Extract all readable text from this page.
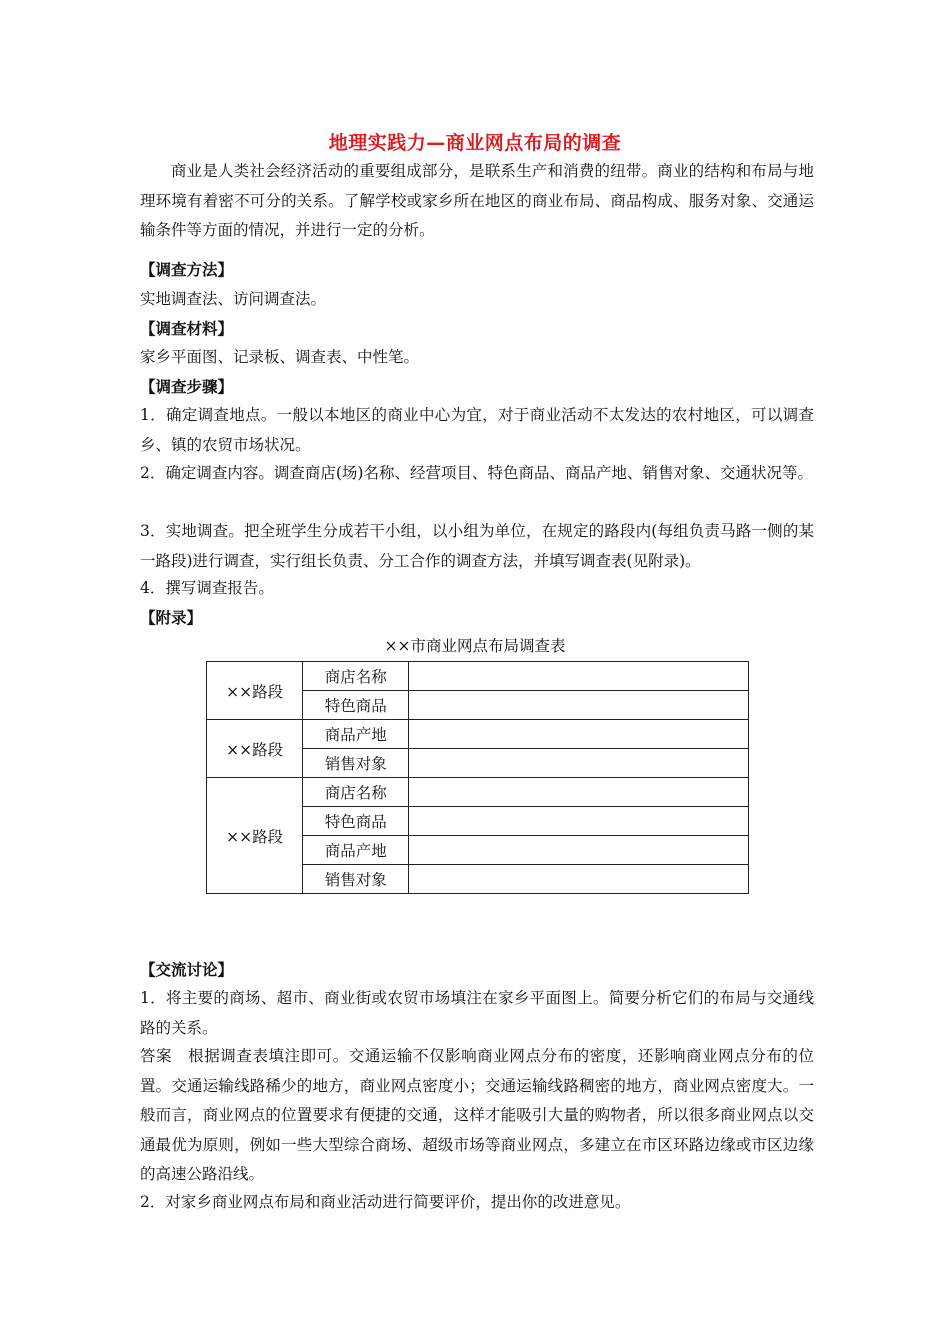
地理实践力—商业网点布局的调查
商业是人类社会经济活动的重要组成部分，是联系生产和消费的纽带。商业的结构和布局与地理环境有着密不可分的关系。了解学校或家乡所在地区的商业布局、商品构成、服务对象、交通运输条件等方面的情况，并进行一定的分析。
【调查方法】
实地调查法、访问调查法。
【调查材料】
家乡平面图、记录板、调查表、中性笔。
【调查步骤】
1．确定调查地点。一般以本地区的商业中心为宜，对于商业活动不太发达的农村地区，可以调查乡、镇的农贸市场状况。
2．确定调查内容。调查商店(场)名称、经营项目、特色商品、商品产地、销售对象、交通状况等。
3．实地调查。把全班学生分成若干小组，以小组为单位，在规定的路段内(每组负责马路一侧的某一路段)进行调查，实行组长负责、分工合作的调查方法，并填写调查表(见附录)。
4．撰写调查报告。
【附录】
××市商业网点布局调查表
××路段	商店名称	
	特色商品	
××路段	商品产地	
	销售对象	
××路段	商店名称	
	特色商品	
	商品产地	
	销售对象	
【交流讨论】
1．将主要的商场、超市、商业街或农贸市场填注在家乡平面图上。简要分析它们的布局与交通线路的关系。
答案　根据调查表填注即可。交通运输不仅影响商业网点分布的密度，还影响商业网点分布的位置。交通运输线路稀少的地方，商业网点密度小；交通运输线路稠密的地方，商业网点密度大。一般而言，商业网点的位置要求有便捷的交通，这样才能吸引大量的购物者，所以很多商业网点以交通最优为原则，例如一些大型综合商场、超级市场等商业网点，多建立在市区环路边缘或市区边缘的高速公路沿线。
2．对家乡商业网点布局和商业活动进行简要评价，提出你的改进意见。
